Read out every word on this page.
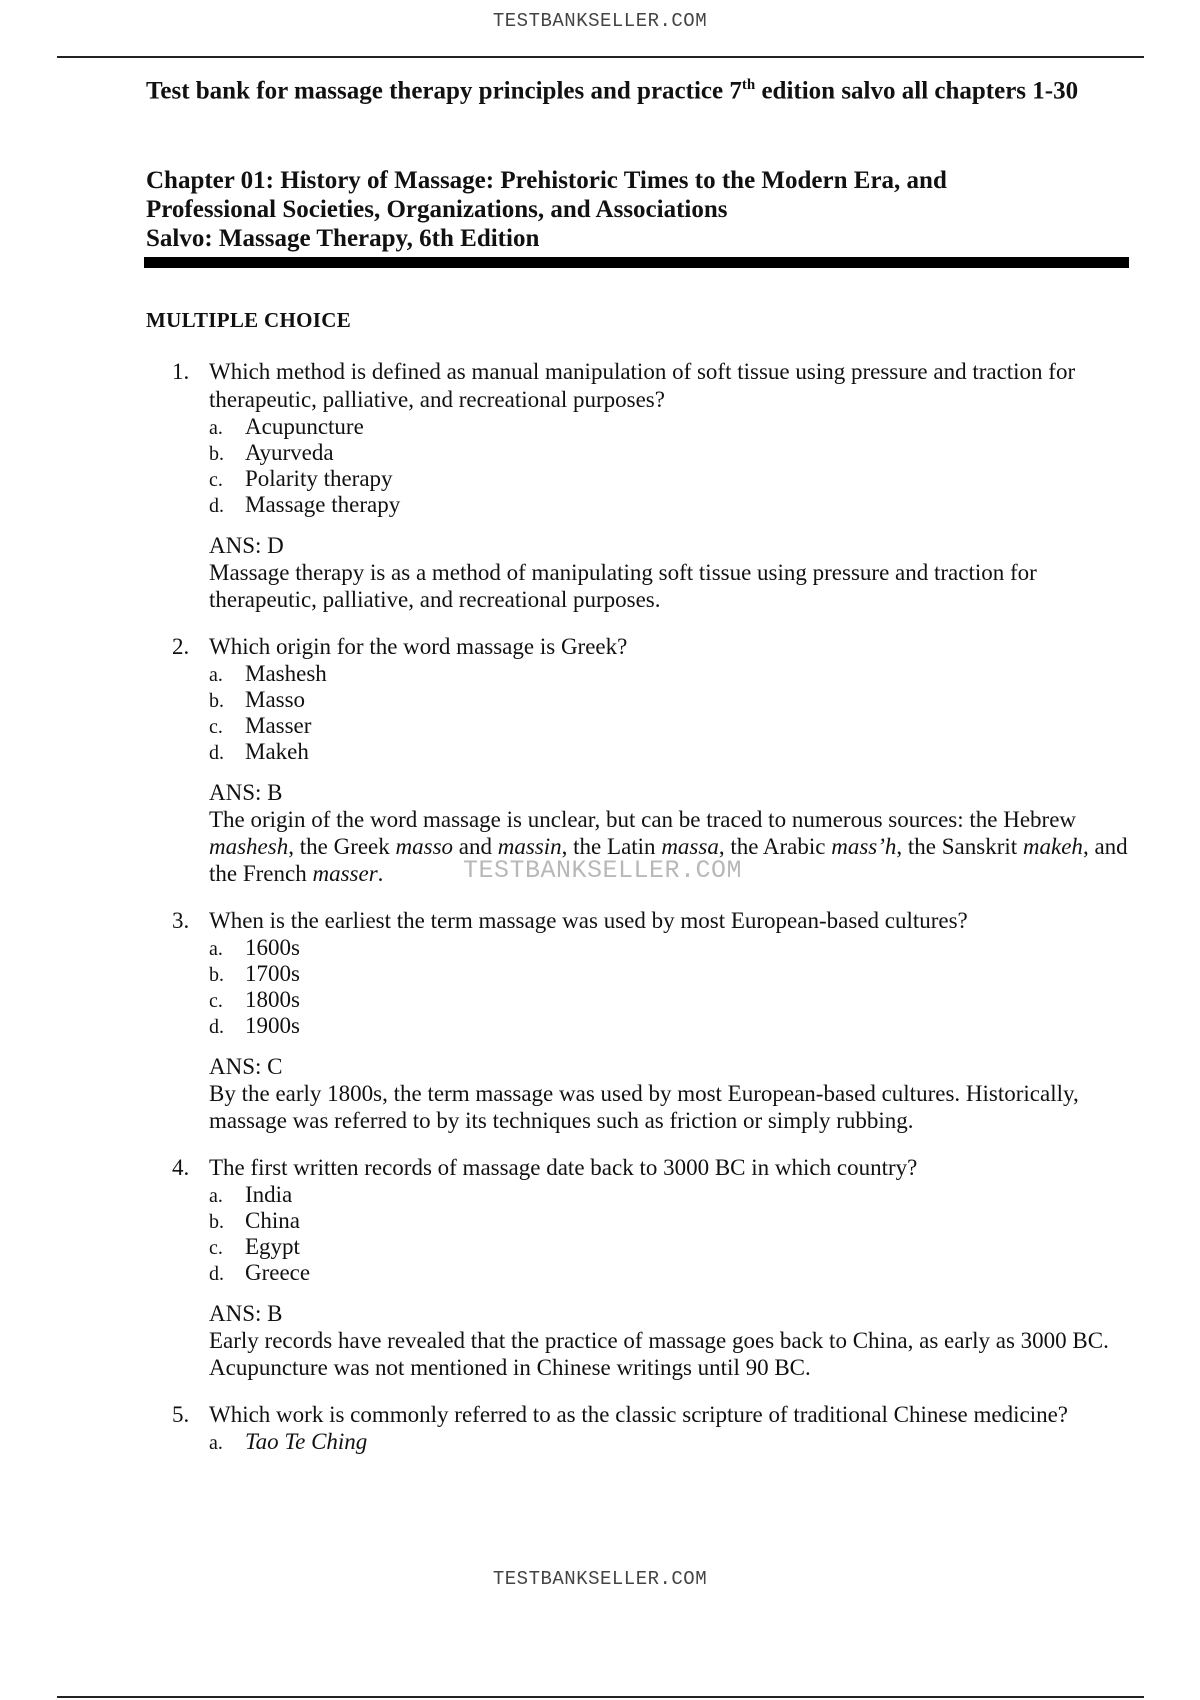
TESTBANKSELLER.COM
Test bank for massage therapy principles and practice 7th edition salvo all chapters 1-30
Chapter 01: History of Massage: Prehistoric Times to the Modern Era, and
Professional Societies, Organizations, and Associations
Salvo: Massage Therapy, 6th Edition
MULTIPLE CHOICE
1. Which method is defined as manual manipulation of soft tissue using pressure and traction for therapeutic, palliative, and recreational purposes?
a. Acupuncture
b. Ayurveda
c. Polarity therapy
d. Massage therapy
ANS: D
Massage therapy is as a method of manipulating soft tissue using pressure and traction for therapeutic, palliative, and recreational purposes.
2. Which origin for the word massage is Greek?
a. Mashesh
b. Masso
c. Masser
d. Makeh
ANS: B
The origin of the word massage is unclear, but can be traced to numerous sources: the Hebrew mashesh, the Greek masso and massin, the Latin massa, the Arabic mass’h, the Sanskrit makeh, and the French masser.
3. When is the earliest the term massage was used by most European-based cultures?
a. 1600s
b. 1700s
c. 1800s
d. 1900s
ANS: C
By the early 1800s, the term massage was used by most European-based cultures. Historically, massage was referred to by its techniques such as friction or simply rubbing.
4. The first written records of massage date back to 3000 BC in which country?
a. India
b. China
c. Egypt
d. Greece
ANS: B
Early records have revealed that the practice of massage goes back to China, as early as 3000 BC. Acupuncture was not mentioned in Chinese writings until 90 BC.
5. Which work is commonly referred to as the classic scripture of traditional Chinese medicine?
a. Tao Te Ching
TESTBANKSELLER.COM
TESTBANKSELLER.COM
